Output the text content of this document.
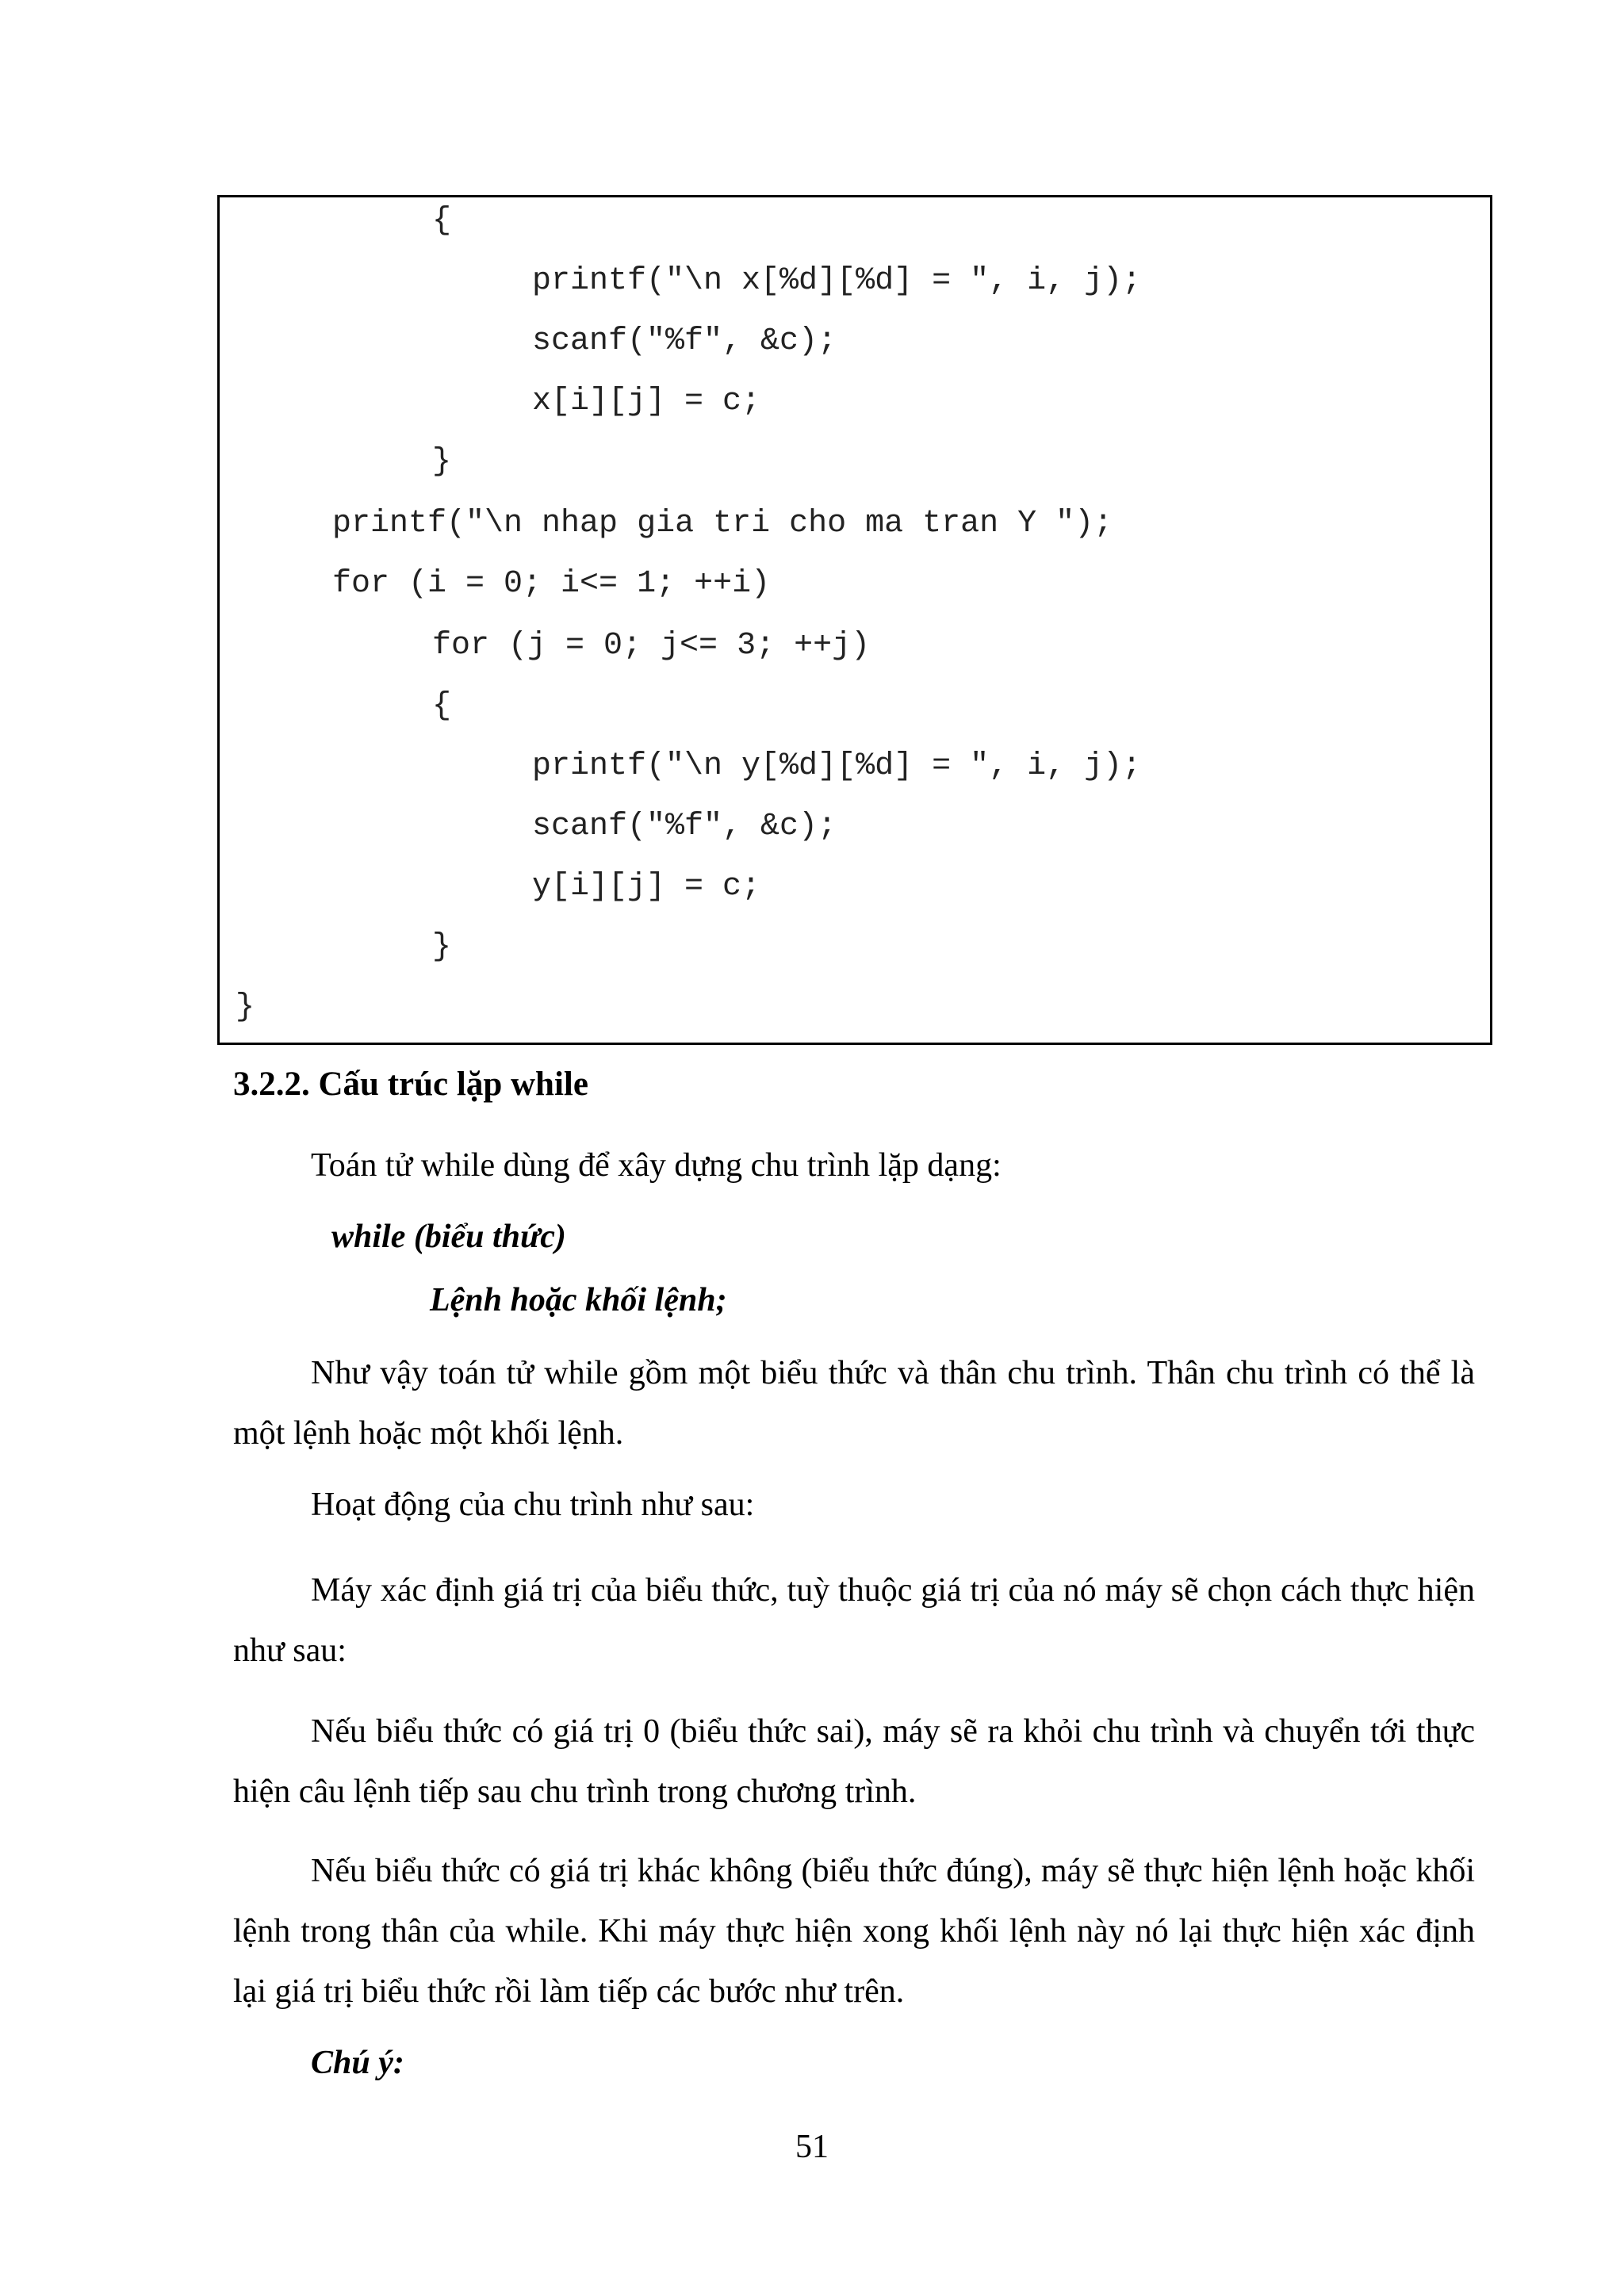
{
printf("\n x[%d][%d] = ", i, j);
scanf("%f", &c);
x[i][j] = c;
}
printf("\n nhap gia tri cho ma tran Y ");
for (i = 0; i<= 1; ++i)
for (j = 0; j<= 3; ++j)
{
printf("\n y[%d][%d] = ", i, j);
scanf("%f", &c);
y[i][j] = c;
}
}
3.2.2. Cấu trúc lặp while
Toán tử while dùng để xây dựng chu trình lặp dạng:
while (biểu thức)
Lệnh hoặc khối lệnh;
Như vậy toán tử while gồm một biểu thức và thân chu trình. Thân chu trình có thể là một lệnh hoặc một khối lệnh.
Hoạt động của chu trình như sau:
Máy xác định giá trị của biểu thức, tuỳ thuộc giá trị của nó máy sẽ chọn cách thực hiện như sau:
Nếu biểu thức có giá trị 0 (biểu thức sai), máy sẽ ra khỏi chu trình và chuyển tới thực hiện câu lệnh tiếp sau chu trình trong chương trình.
Nếu biểu thức có giá trị khác không (biểu thức đúng), máy sẽ thực hiện lệnh hoặc khối lệnh trong thân của while. Khi máy thực hiện xong khối lệnh này nó lại thực hiện xác định lại giá trị biểu thức rồi làm tiếp các bước như trên.
Chú ý:
51
